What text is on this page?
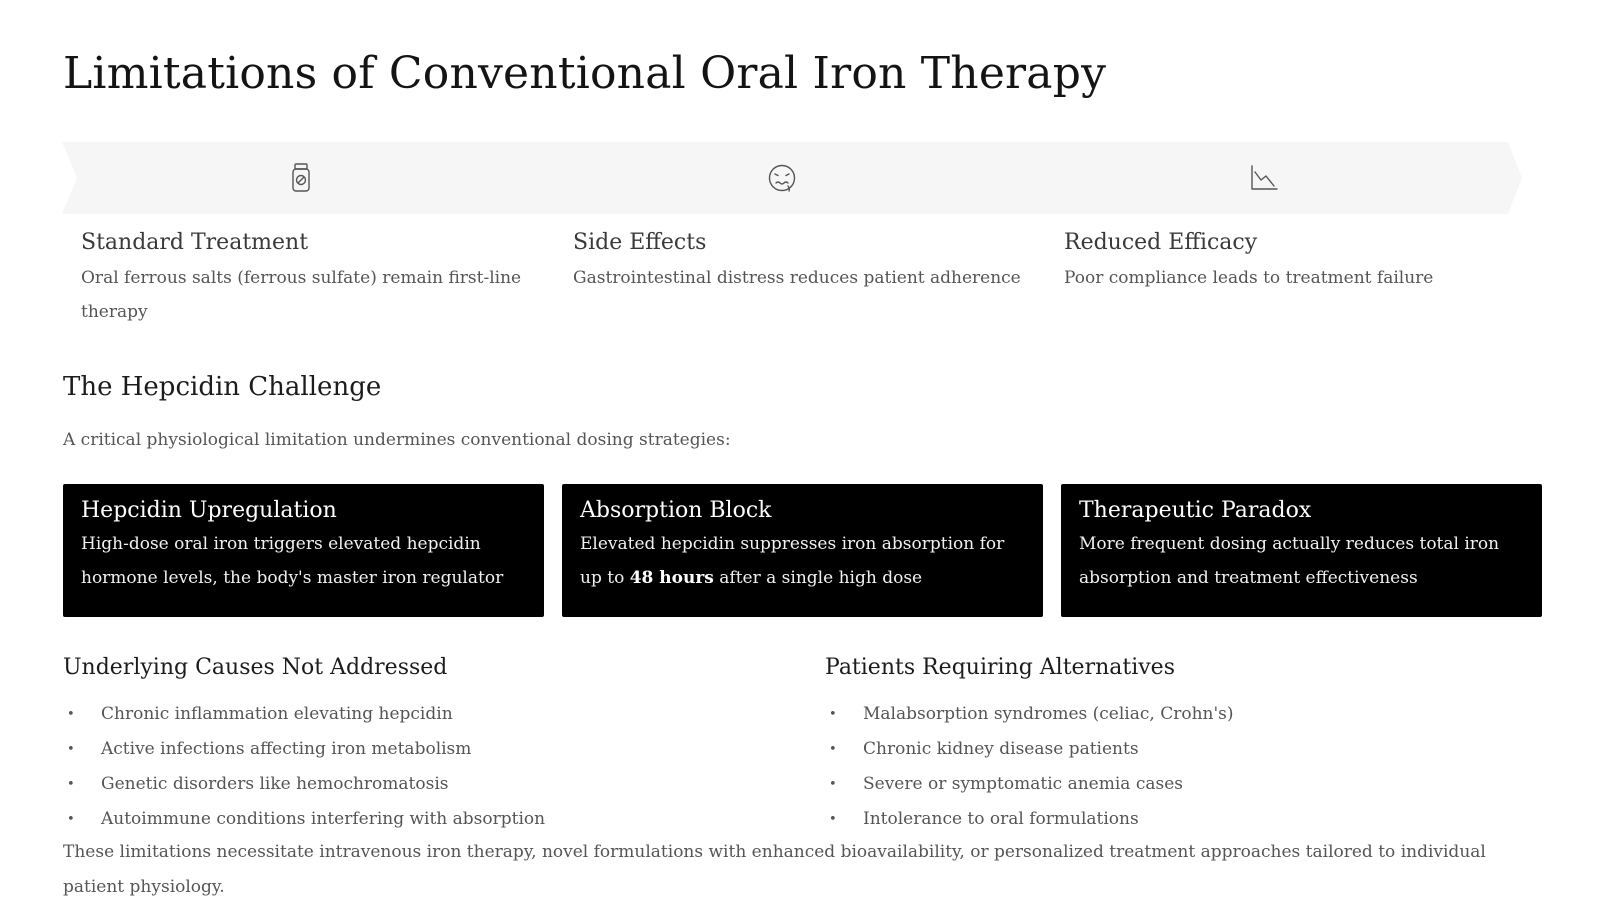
Limitations of Conventional Oral Iron Therapy
Standard Treatment
Oral ferrous salts (ferrous sulfate) remain first-line therapy
Side Effects
Gastrointestinal distress reduces patient adherence
Reduced Efficacy
Poor compliance leads to treatment failure
The Hepcidin Challenge

A critical physiological limitation undermines conventional dosing strategies:

Hepcidin Upregulation
High-dose oral iron triggers elevated hepcidin hormone levels, the body's master iron regulator
Absorption Block
Elevated hepcidin suppresses iron absorption for up to 48 hours after a single high dose
Therapeutic Paradox
More frequent dosing actually reduces total iron absorption and treatment effectiveness
Underlying Causes Not Addressed
• Chronic inflammation elevating hepcidin
• Active infections affecting iron metabolism
• Genetic disorders like hemochromatosis
• Autoimmune conditions interfering with absorption
Patients Requiring Alternatives
• Malabsorption syndromes (celiac, Crohn's)
• Chronic kidney disease patients
• Severe or symptomatic anemia cases
• Intolerance to oral formulations

These limitations necessitate intravenous iron therapy, novel formulations with enhanced bioavailability, or personalized treatment approaches tailored to individual patient physiology.
